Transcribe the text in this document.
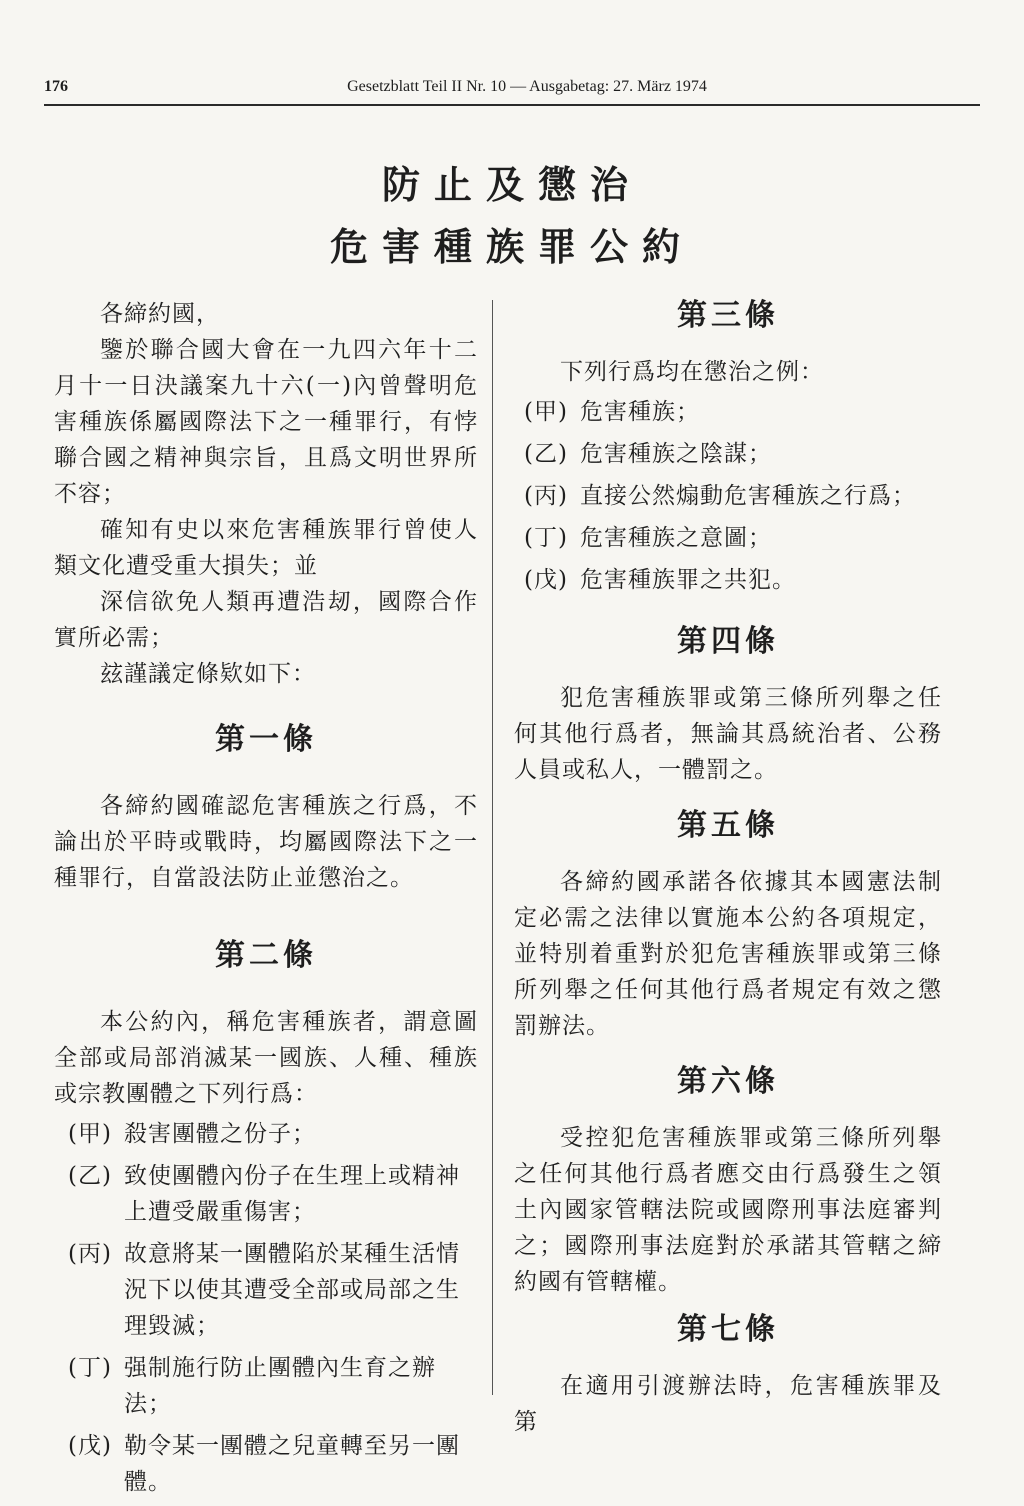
176	Gesetzblatt Teil II Nr. 10 — Ausgabetag: 27. März 1974
防止及懲治
危害種族罪公約

各締約國，

鑒於聯合國大會在一九四六年十二月十一日決議案九十六(一)內曾聲明危害種族係屬國際法下之一種罪行，有悖聯合國之精神與宗旨，且爲文明世界所不容；

確知有史以來危害種族罪行曾使人類文化遭受重大損失；並

深信欲免人類再遭浩刼，國際合作實所必需；

玆謹議定條欵如下：

第一條

各締約國確認危害種族之行爲，不論出於平時或戰時，均屬國際法下之一種罪行，自當設法防止並懲治之。

第二條

本公約內，稱危害種族者，謂意圖全部或局部消滅某一國族、人種、種族或宗教團體之下列行爲：

(甲) 殺害團體之份子；
(乙) 致使團體內份子在生理上或精神上遭受嚴重傷害；
(丙) 故意將某一團體陷於某種生活情況下以使其遭受全部或局部之生理毀滅；
(丁) 强制施行防止團體內生育之辦法；
(戊) 勒令某一團體之兒童轉至另一團體。
第三條

下列行爲均在懲治之例：

(甲) 危害種族；
(乙) 危害種族之陰謀；
(丙) 直接公然煽動危害種族之行爲；
(丁) 危害種族之意圖；
(戊) 危害種族罪之共犯。
第四條

犯危害種族罪或第三條所列舉之任何其他行爲者，無論其爲統治者、公務人員或私人，一體罰之。

第五條

各締約國承諾各依據其本國憲法制定必需之法律以實施本公約各項規定，並特別着重對於犯危害種族罪或第三條所列舉之任何其他行爲者規定有效之懲罰辦法。

第六條

受控犯危害種族罪或第三條所列舉之任何其他行爲者應交由行爲發生之領土內國家管轄法院或國際刑事法庭審判之；國際刑事法庭對於承諾其管轄之締約國有管轄權。

第七條

在適用引渡辦法時，危害種族罪及第
